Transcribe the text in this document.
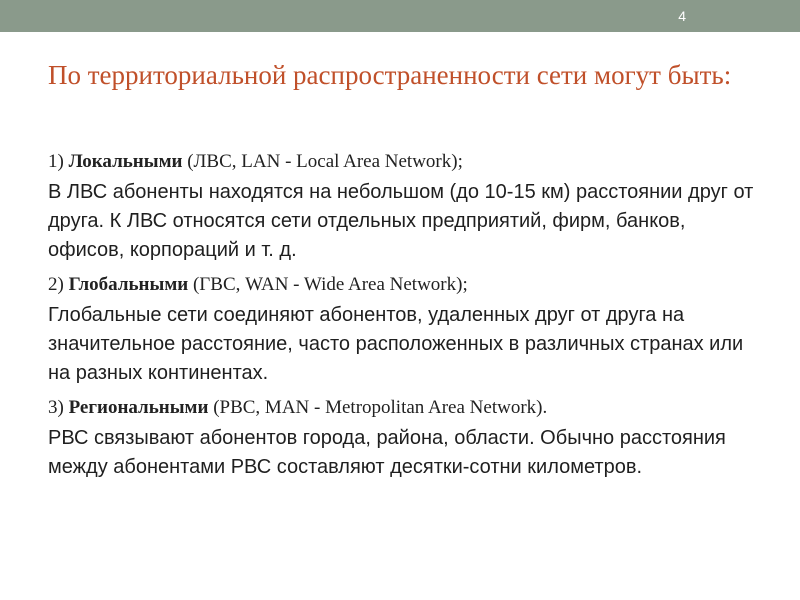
4
По территориальной распространенности сети могут быть:

1) Локальными (ЛВС, LAN - Local Area Network);

В ЛВС абоненты находятся на небольшом (до 10-15 км) расстоянии друг от друга. К ЛВС относятся сети отдельных предприятий, фирм, банков, офисов, корпораций и т. д.

2) Глобальными (ГВС, WAN - Wide Area Network);

Глобальные сети соединяют абонентов, удаленных друг от друга на значительное расстояние, часто расположенных в различных странах или на разных континентах.

3) Региональными (РВС, MAN - Metropolitan Area Network).

РВС связывают абонентов города, района, области. Обычно расстояния между абонентами РВС составляют десятки-сотни километров.
